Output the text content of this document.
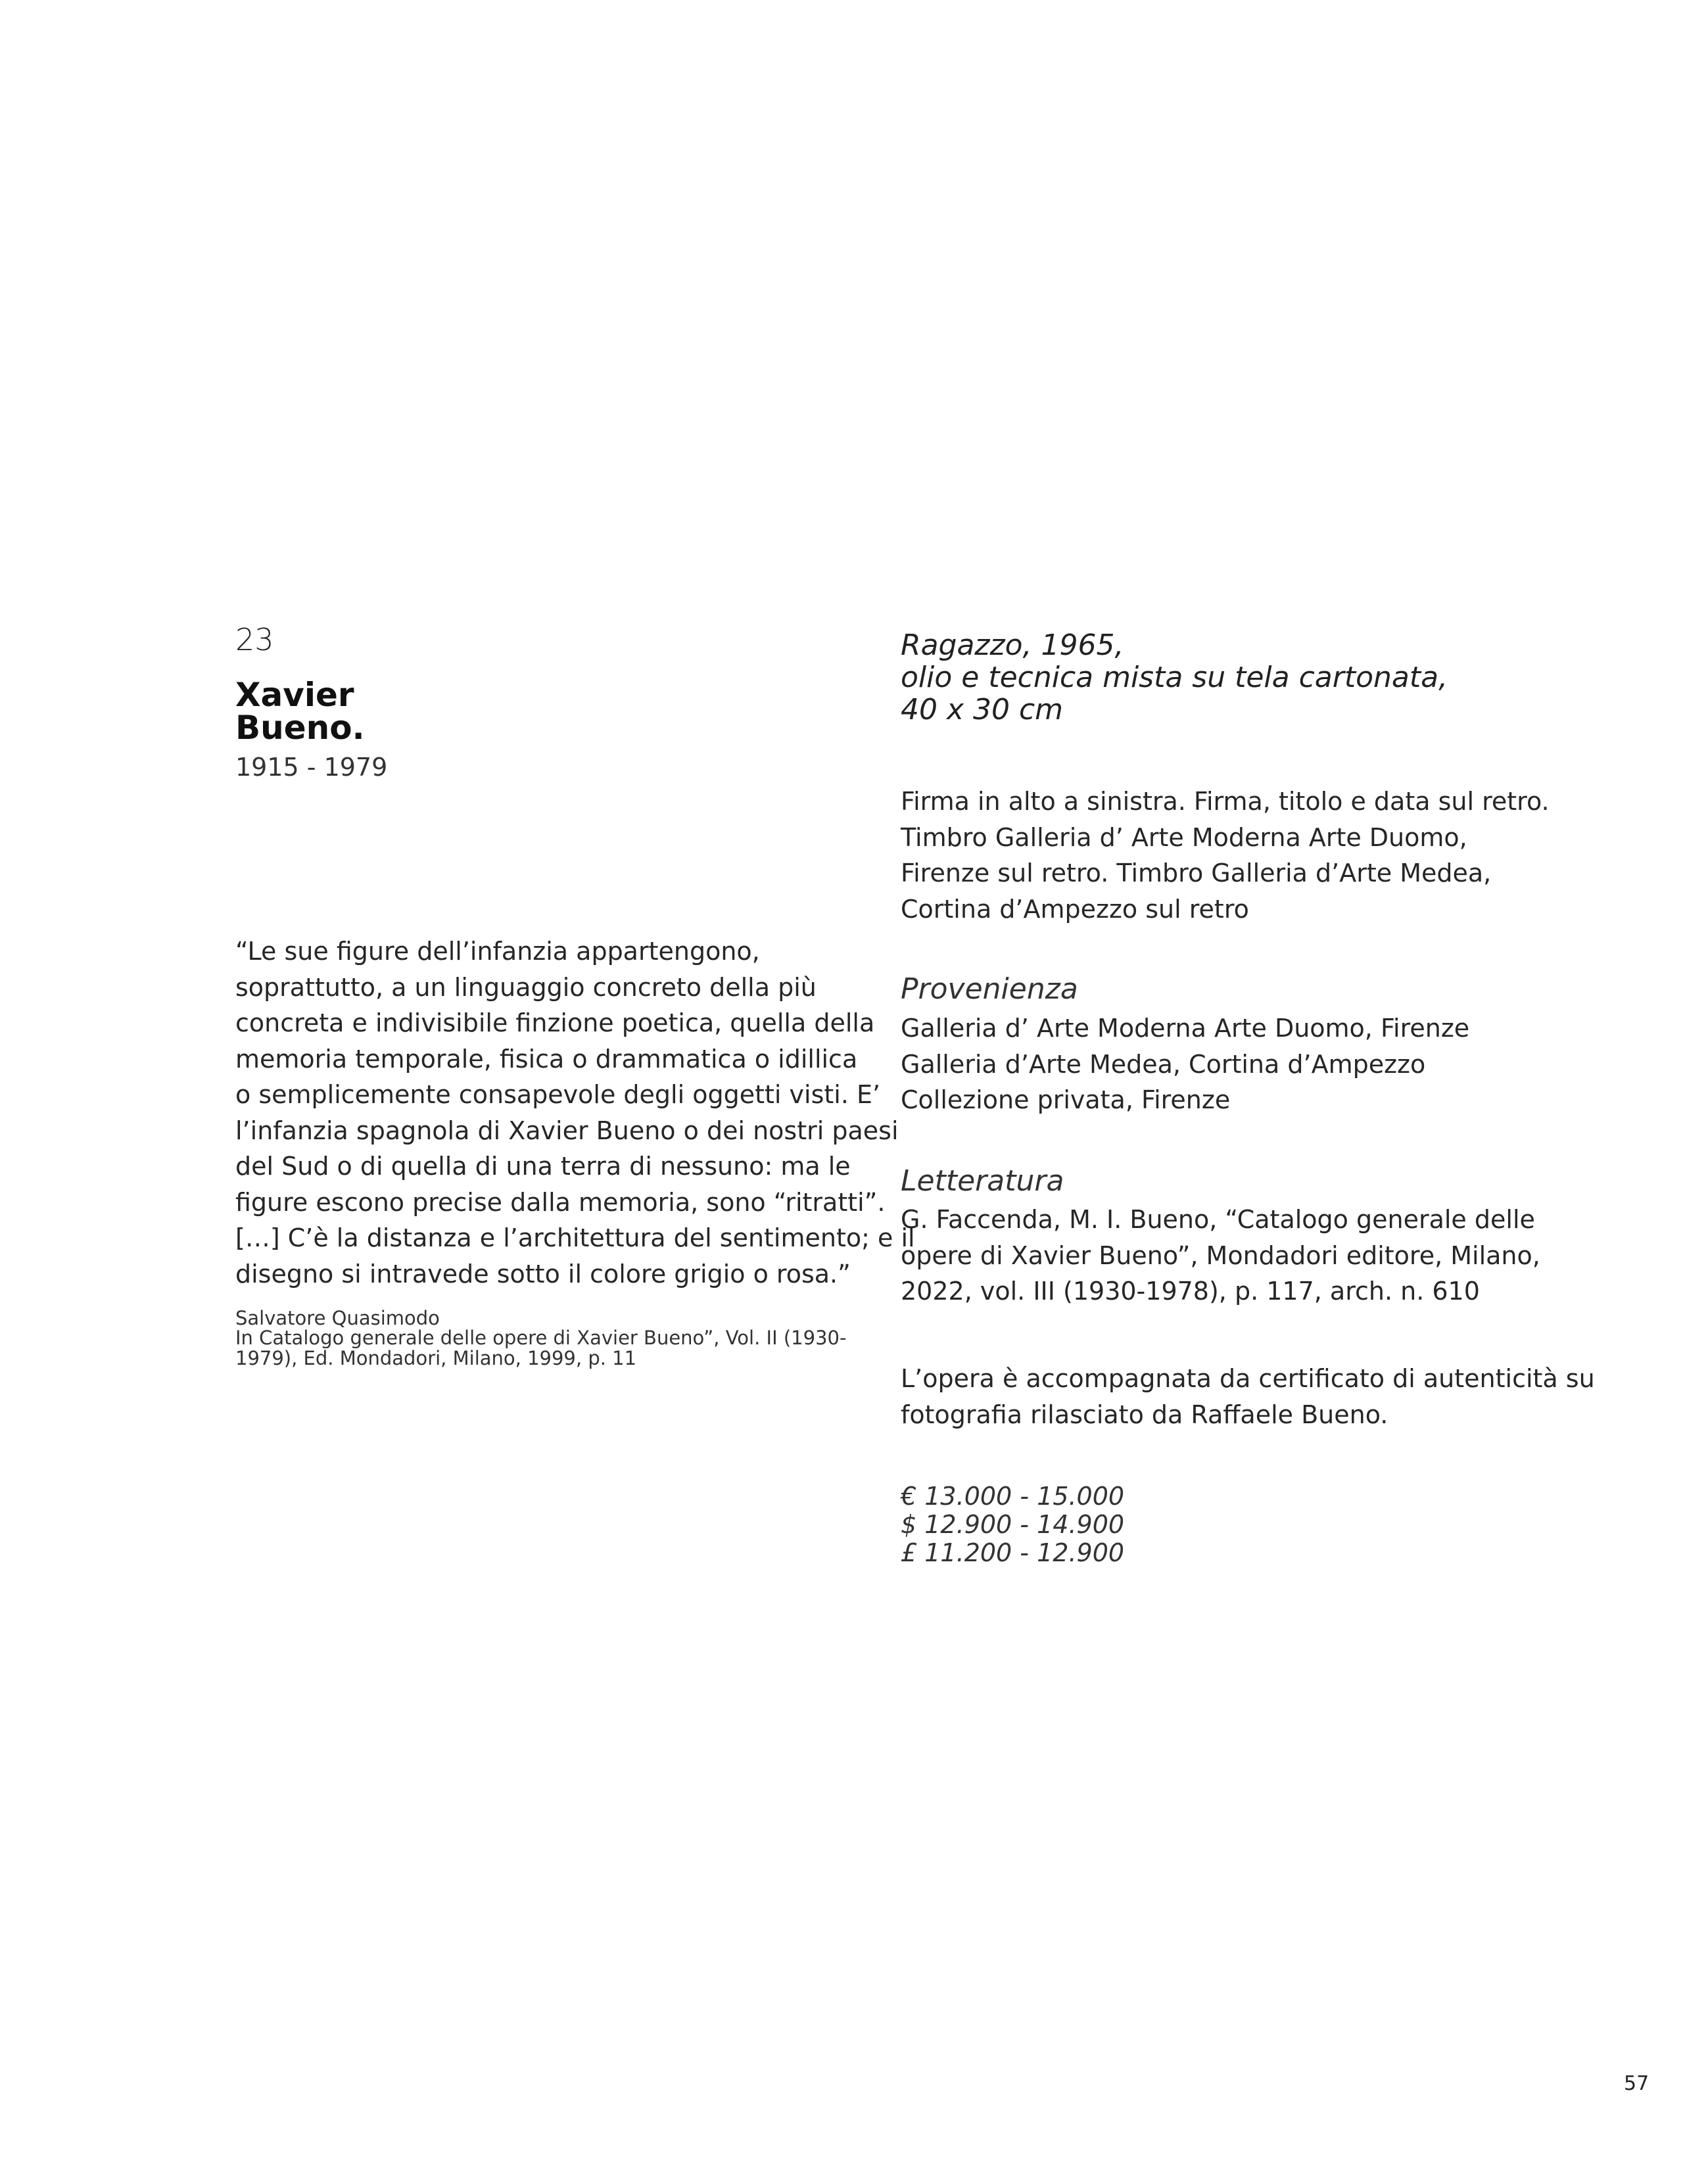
23
Xavier
Bueno.
1915 - 1979
“Le sue figure dell’infanzia appartengono,
soprattutto, a un linguaggio concreto della più
concreta e indivisibile finzione poetica, quella della
memoria temporale, fisica o drammatica o idillica
o semplicemente consapevole degli oggetti visti. E’
l’infanzia spagnola di Xavier Bueno o dei nostri paesi
del Sud o di quella di una terra di nessuno: ma le
figure escono precise dalla memoria, sono “ritratti”.
[…] C’è la distanza e l’architettura del sentimento; e il
disegno si intravede sotto il colore grigio o rosa.”
Salvatore Quasimodo
In Catalogo generale delle opere di Xavier Bueno”, Vol. II (1930-
1979), Ed. Mondadori, Milano, 1999, p. 11
Ragazzo, 1965,
olio e tecnica mista su tela cartonata,
40 x 30 cm
Firma in alto a sinistra. Firma, titolo e data sul retro.
Timbro Galleria d’ Arte Moderna Arte Duomo,
Firenze sul retro. Timbro Galleria d’Arte Medea,
Cortina d’Ampezzo sul retro
Provenienza
Galleria d’ Arte Moderna Arte Duomo, Firenze
Galleria d’Arte Medea, Cortina d’Ampezzo
Collezione privata, Firenze
Letteratura
G. Faccenda, M. I. Bueno, “Catalogo generale delle
opere di Xavier Bueno”, Mondadori editore, Milano,
2022, vol. III (1930-1978), p. 117, arch. n. 610
L’opera è accompagnata da certificato di autenticità su
fotografia rilasciato da Raffaele Bueno.
€ 13.000 - 15.000
$ 12.900 - 14.900
£ 11.200 - 12.900
57
